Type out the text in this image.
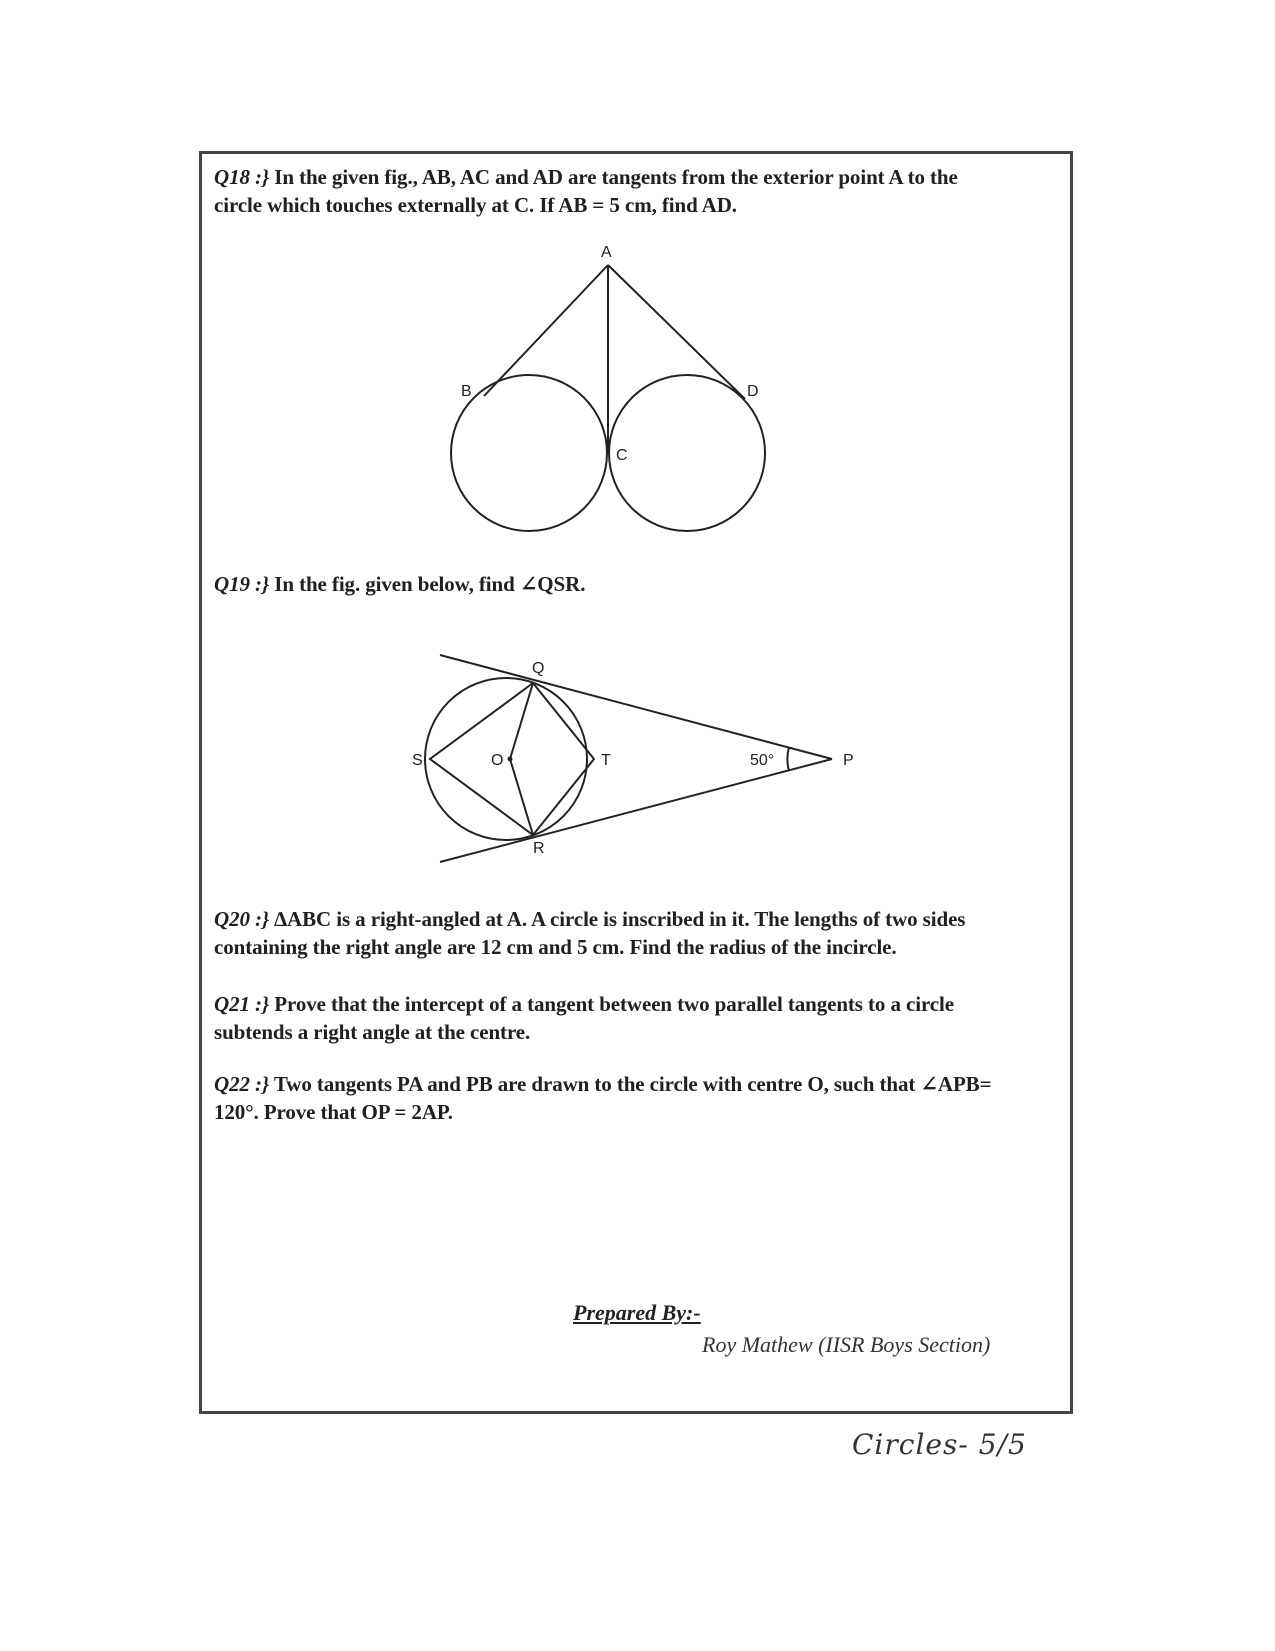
Q18 :} In the given fig., AB, AC and AD are tangents from the exterior point A to the
circle which touches externally at C. If AB = 5 cm, find AD.
Q19 :} In the fig. given below, find ∠QSR.
Q20 :} ∆ABC is a right-angled at A. A circle is inscribed in it. The lengths of two sides
containing the right angle are 12 cm and 5 cm. Find the radius of the incircle.
Q21 :} Prove that the intercept of a tangent between two parallel tangents to a circle
subtends a right angle at the centre.
Q22 :} Two tangents PA and PB are drawn to the circle with centre O, such that ∠APB=
120°. Prove that OP = 2AP.
A
B
C
D
Q
S	O	T	P
R
50°
Prepared By:-
Roy Mathew (IISR Boys Section)
Circles- 5/5
